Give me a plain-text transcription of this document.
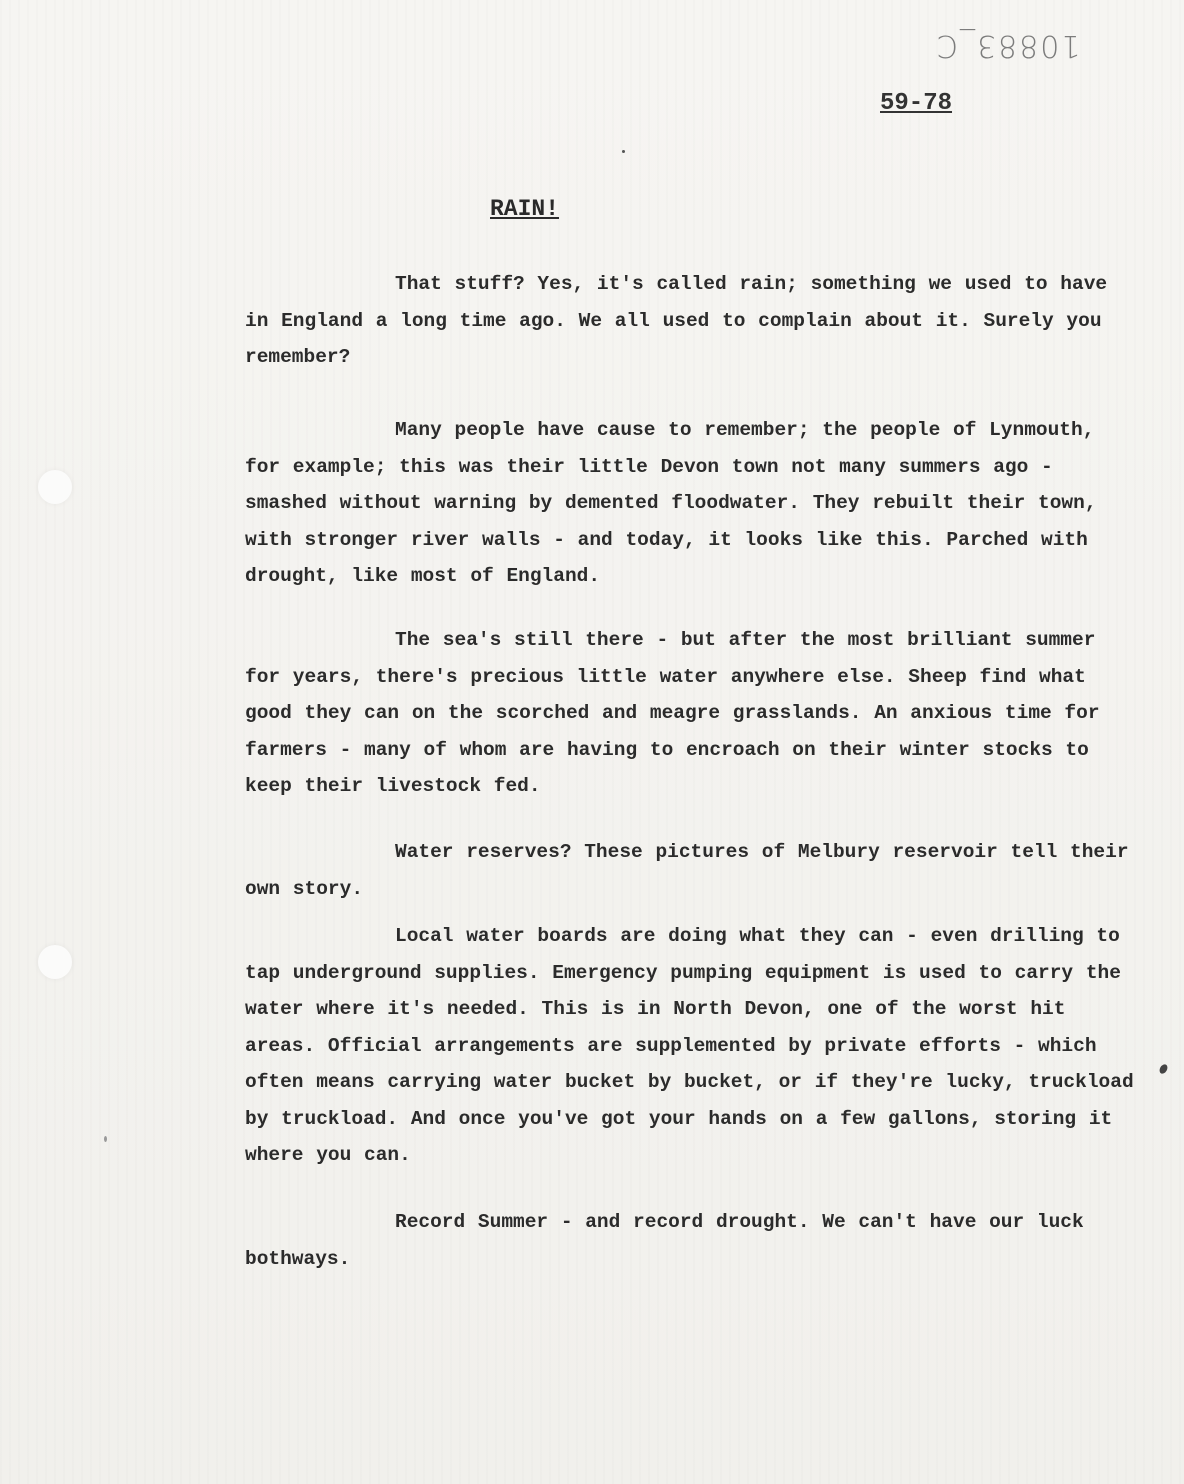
10883_C
59-78
RAIN!

That stuff? Yes, it's called rain; something we used to have in England a long time ago. We all used to complain about it. Surely you remember?

Many people have cause to remember; the people of Lynmouth, for example; this was their little Devon town not many summers ago - smashed without warning by demented floodwater. They rebuilt their town, with stronger river walls - and today, it looks like this. Parched with drought, like most of England.

The sea's still there - but after the most brilliant summer for years, there's precious little water anywhere else. Sheep find what good they can on the scorched and meagre grasslands. An anxious time for farmers - many of whom are having to encroach on their winter stocks to keep their livestock fed.

Water reserves? These pictures of Melbury reservoir tell their own story.

Local water boards are doing what they can - even drilling to tap underground supplies. Emergency pumping equipment is used to carry the water where it's needed. This is in North Devon, one of the worst hit areas. Official arrangements are supplemented by private efforts - which often means carrying water bucket by bucket, or if they're lucky, truckload by truckload. And once you've got your hands on a few gallons, storing it where you can.

Record Summer - and record drought. We can't have our luck bothways.
